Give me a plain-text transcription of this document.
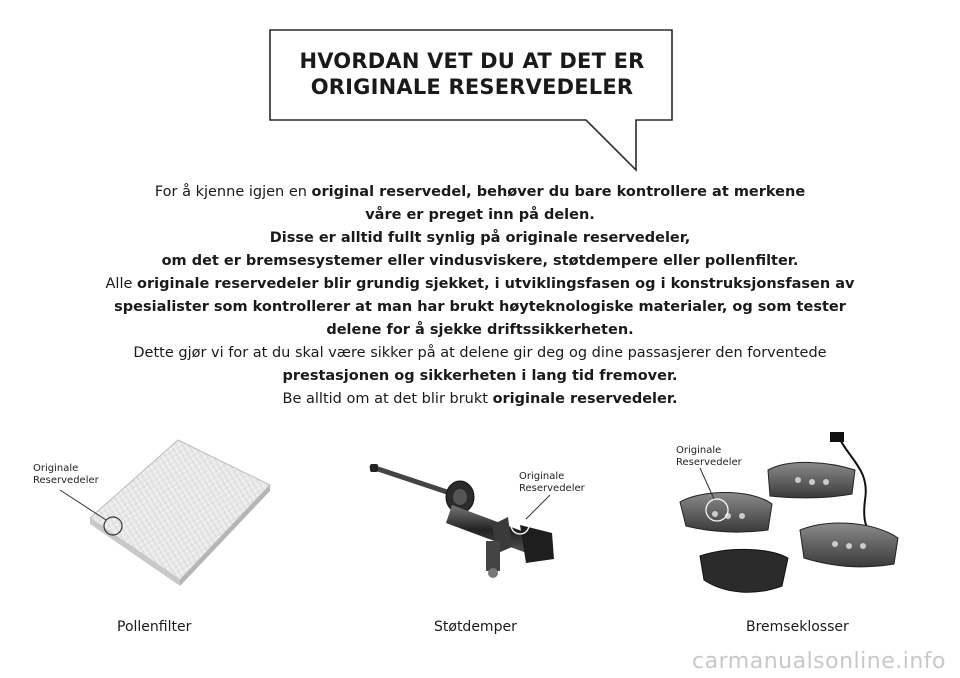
HVORDAN VET DU AT DET ER
ORIGINALE RESERVEDELER
For å kjenne igjen en original reservedel, behøver du bare kontrollere at merkene
våre er preget inn på delen.
Disse er alltid fullt synlig på originale reservedeler,
om det er bremsesystemer eller vindusviskere, støtdempere eller pollenfilter.
Alle originale reservedeler blir grundig sjekket, i utviklingsfasen og i konstruksjonsfasen av
spesialister som kontrollerer at man har brukt høyteknologiske materialer, og som tester
delene for å sjekke driftssikkerheten.
Dette gjør vi for at du skal være sikker på at delene gir deg og dine passasjerer den forventede
prestasjonen og sikkerheten i lang tid fremover.
Be alltid om at det blir brukt originale reservedeler.
Originale
Reservedeler	Originale
Reservedeler
Originale
Reservedeler
Pollenfilter	Støtdemper	Bremseklosser
carmanualsonline.info
